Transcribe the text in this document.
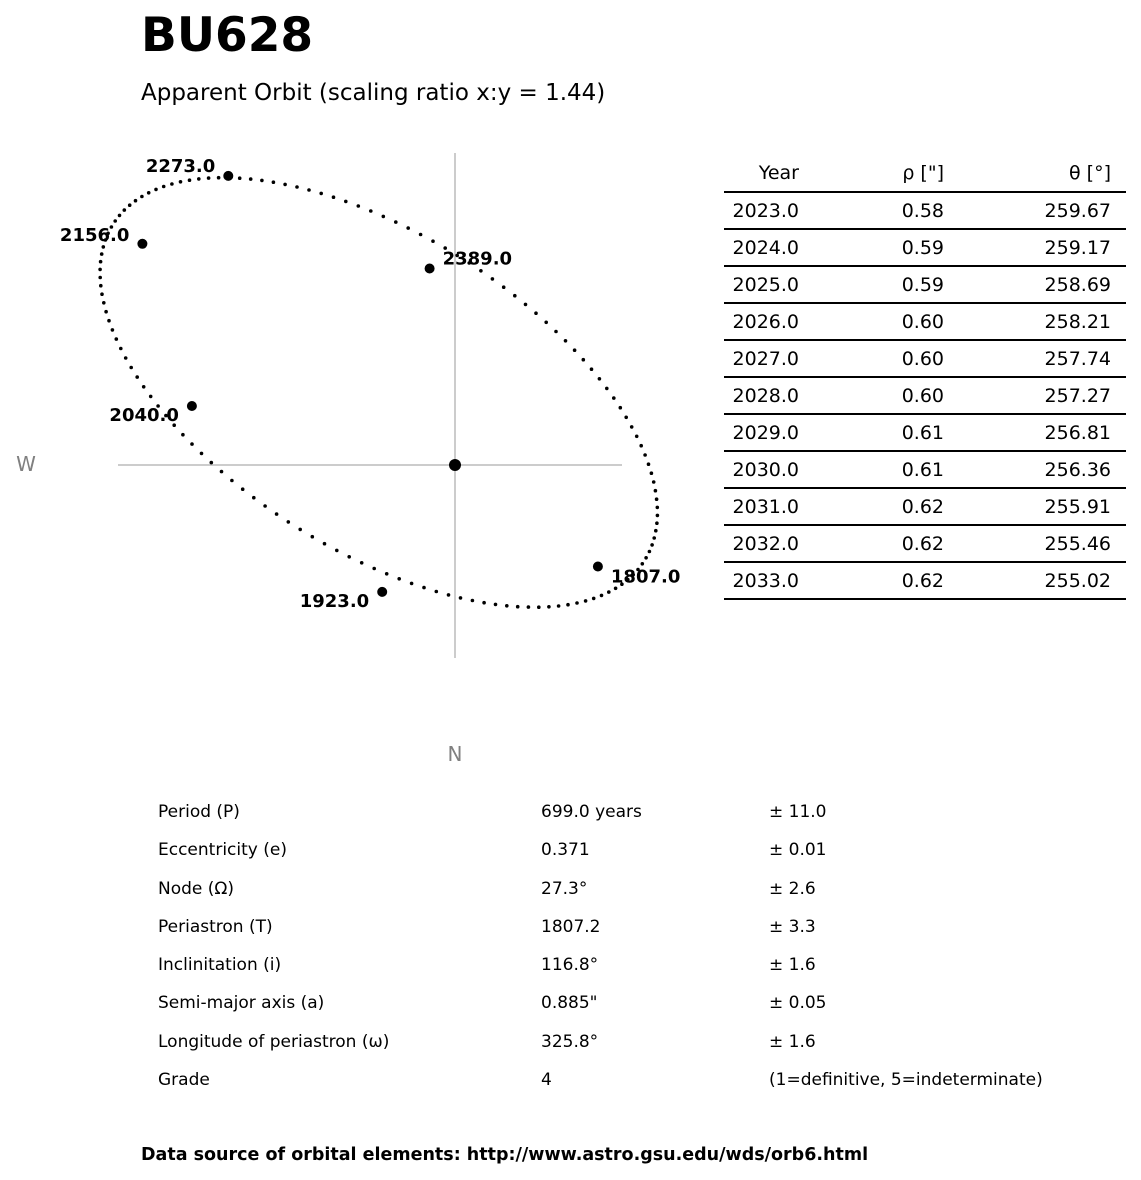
BU628
Apparent Orbit (scaling ratio x:y = 1.44)
W
N
2273.0
2156.0
2389.0
2040.0
1807.0
1923.0
Year	ρ ["]	θ [°]
2023.0	0.58	259.67
2024.0	0.59	259.17
2025.0	0.59	258.69
2026.0	0.60	258.21
2027.0	0.60	257.74
2028.0	0.60	257.27
2029.0	0.61	256.81
2030.0	0.61	256.36
2031.0	0.62	255.91
2032.0	0.62	255.46
2033.0	0.62	255.02
Period (P)	699.0 years	± 11.0
Eccentricity (e)	0.371	± 0.01
Node (Ω)	27.3°	± 2.6
Periastron (T)	1807.2	± 3.3
Inclinitation (i)	116.8°	± 1.6
Semi-major axis (a)	0.885"	± 0.05
Longitude of periastron (ω)	325.8°	± 1.6
Grade	4	(1=definitive, 5=indeterminate)
Data source of orbital elements: http://www.astro.gsu.edu/wds/orb6.html
